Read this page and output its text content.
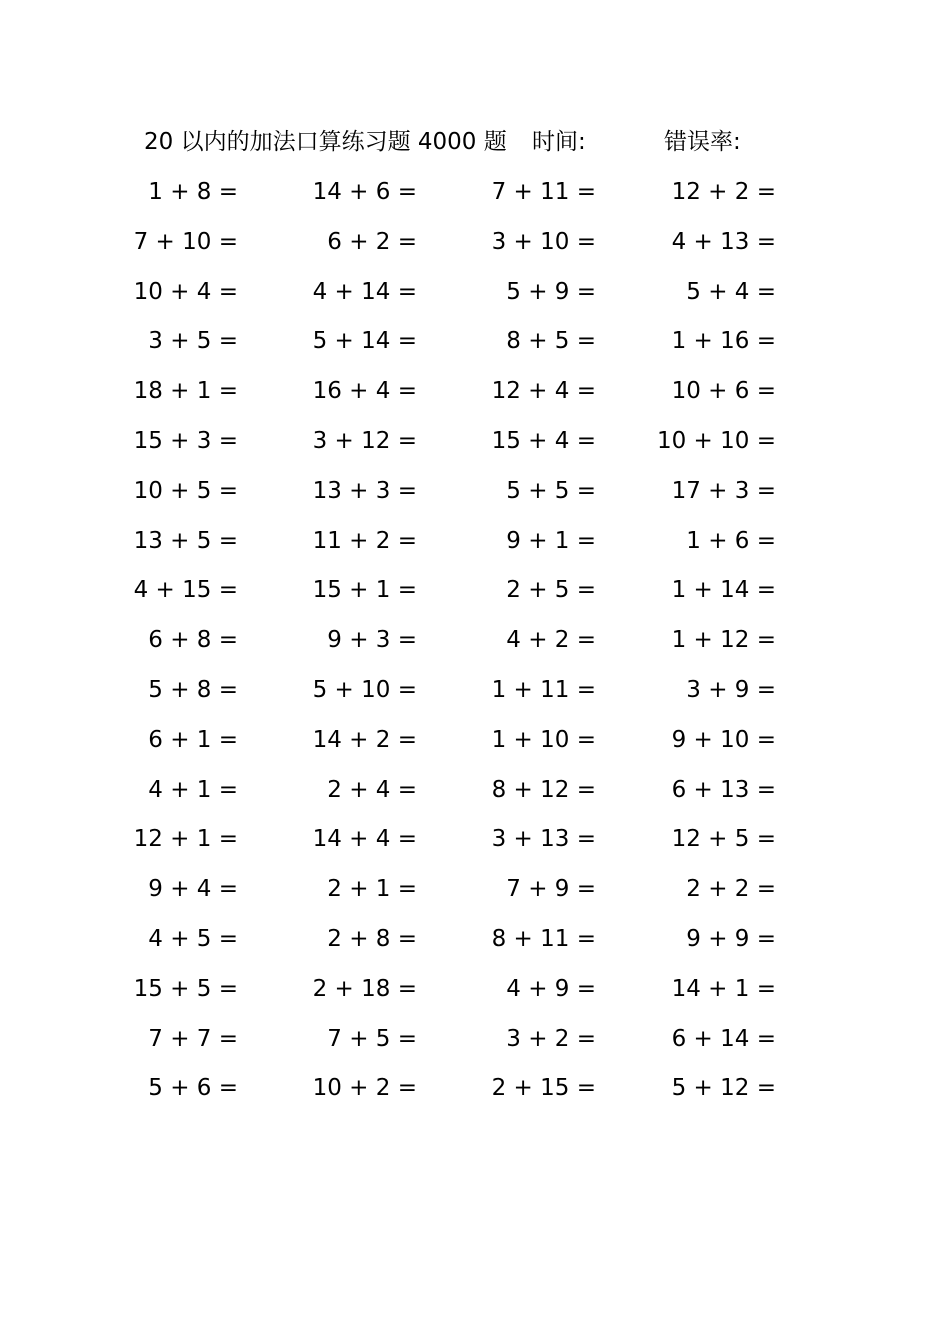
20 以内的加法口算练习题 4000 题 时间:	错误率:
1 + 8 =	14 + 6 =	7 + 11 =	12 + 2 =
7 + 10 =	6 + 2 =	3 + 10 =	4 + 13 =
10 + 4 =	4 + 14 =	5 + 9 =	5 + 4 =
3 + 5 =	5 + 14 =	8 + 5 =	1 + 16 =
18 + 1 =	16 + 4 =	12 + 4 =	10 + 6 =
15 + 3 =	3 + 12 =	15 + 4 =	10 + 10 =
10 + 5 =	13 + 3 =	5 + 5 =	17 + 3 =
13 + 5 =	11 + 2 =	9 + 1 =	1 + 6 =
4 + 15 =	15 + 1 =	2 + 5 =	1 + 14 =
6 + 8 =	9 + 3 =	4 + 2 =	1 + 12 =
5 + 8 =	5 + 10 =	1 + 11 =	3 + 9 =
6 + 1 =	14 + 2 =	1 + 10 =	9 + 10 =
4 + 1 =	2 + 4 =	8 + 12 =	6 + 13 =
12 + 1 =	14 + 4 =	3 + 13 =	12 + 5 =
9 + 4 =	2 + 1 =	7 + 9 =	2 + 2 =
4 + 5 =	2 + 8 =	8 + 11 =	9 + 9 =
15 + 5 =	2 + 18 =	4 + 9 =	14 + 1 =
7 + 7 =	7 + 5 =	3 + 2 =	6 + 14 =
5 + 6 =	10 + 2 =	2 + 15 =	5 + 12 =
